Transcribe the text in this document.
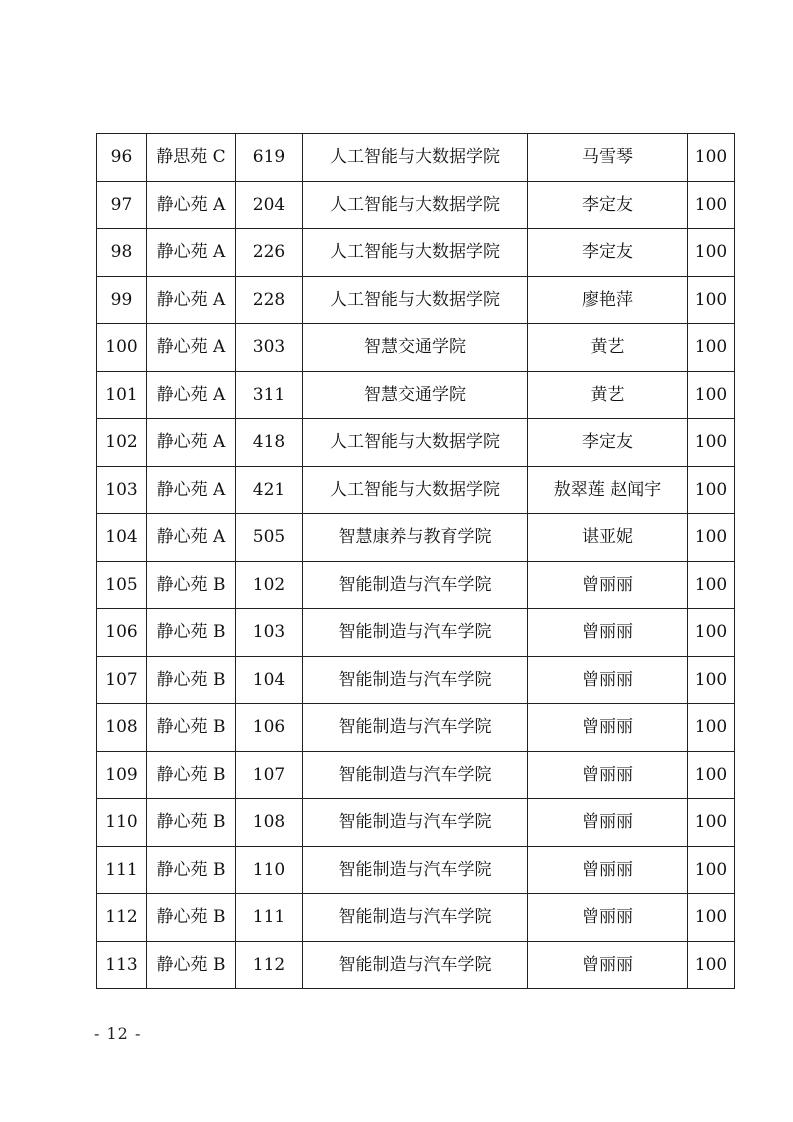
96	静思苑 C	619	人工智能与大数据学院	马雪琴	100
97	静心苑 A	204	人工智能与大数据学院	李定友	100
98	静心苑 A	226	人工智能与大数据学院	李定友	100
99	静心苑 A	228	人工智能与大数据学院	廖艳萍	100
100	静心苑 A	303	智慧交通学院	黄艺	100
101	静心苑 A	311	智慧交通学院	黄艺	100
102	静心苑 A	418	人工智能与大数据学院	李定友	100
103	静心苑 A	421	人工智能与大数据学院	敖翠莲 赵闻宇	100
104	静心苑 A	505	智慧康养与教育学院	谌亚妮	100
105	静心苑 B	102	智能制造与汽车学院	曾丽丽	100
106	静心苑 B	103	智能制造与汽车学院	曾丽丽	100
107	静心苑 B	104	智能制造与汽车学院	曾丽丽	100
108	静心苑 B	106	智能制造与汽车学院	曾丽丽	100
109	静心苑 B	107	智能制造与汽车学院	曾丽丽	100
110	静心苑 B	108	智能制造与汽车学院	曾丽丽	100
111	静心苑 B	110	智能制造与汽车学院	曾丽丽	100
112	静心苑 B	111	智能制造与汽车学院	曾丽丽	100
113	静心苑 B	112	智能制造与汽车学院	曾丽丽	100
- 12 -
